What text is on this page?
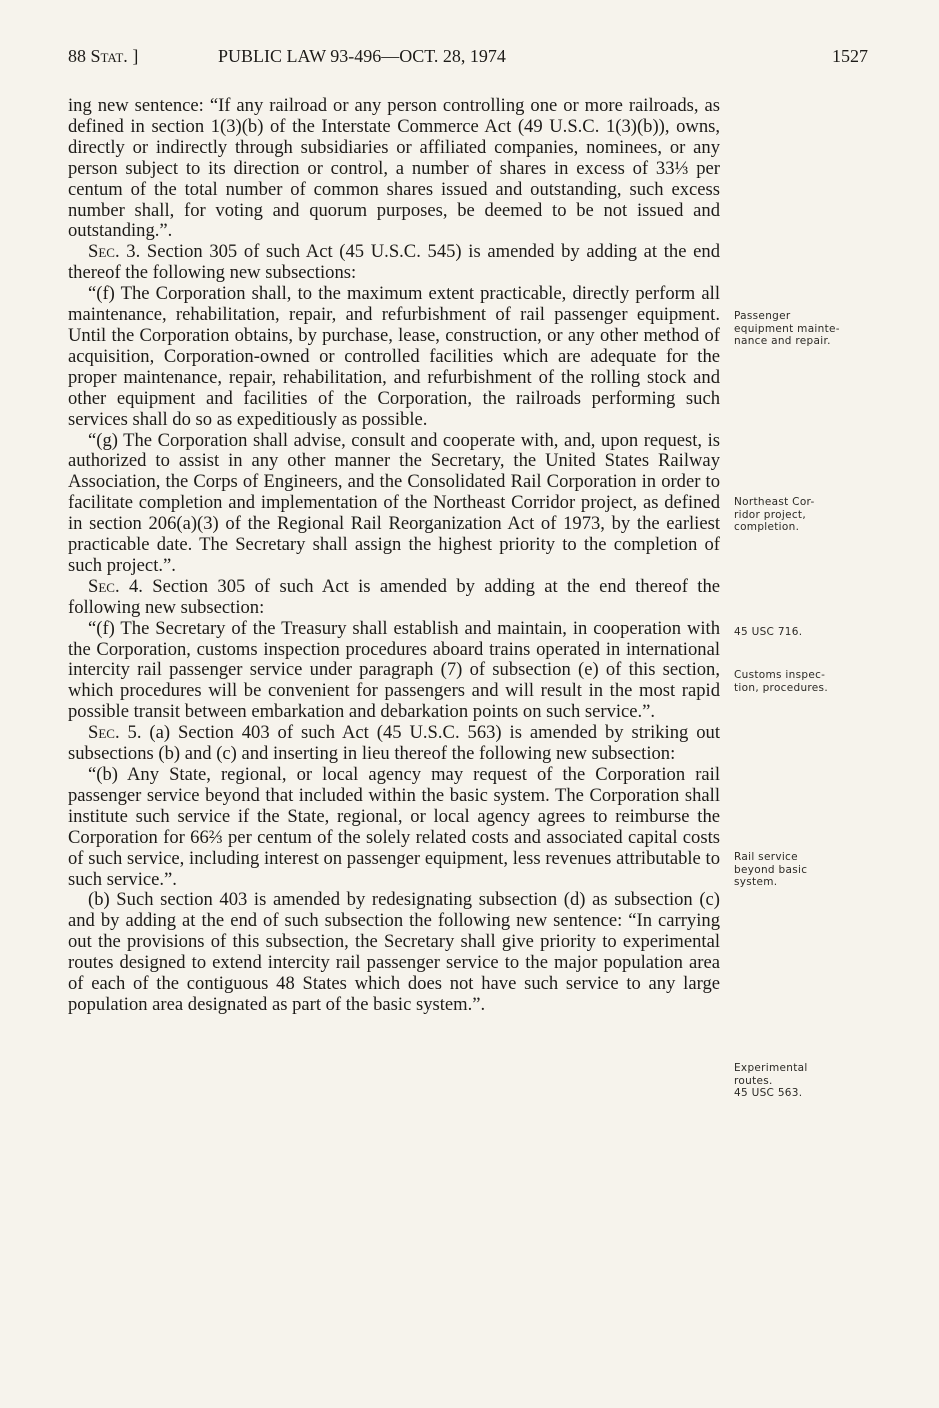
88 Stat. ]	PUBLIC LAW 93-496—OCT. 28, 1974	1527

ing new sentence: “If any railroad or any person controlling one or more railroads, as defined in section 1(3)(b) of the Interstate Commerce Act (49 U.S.C. 1(3)(b)), owns, directly or indirectly through subsidiaries or affiliated companies, nominees, or any person subject to its direction or control, a number of shares in excess of 33⅓ per centum of the total number of common shares issued and outstanding, such excess number shall, for voting and quorum purposes, be deemed to be not issued and outstanding.”.

Sec. 3. Section 305 of such Act (45 U.S.C. 545) is amended by adding at the end thereof the following new subsections:

“(f) The Corporation shall, to the maximum extent practicable, directly perform all maintenance, rehabilitation, repair, and refurbishment of rail passenger equipment. Until the Corporation obtains, by purchase, lease, construction, or any other method of acquisition, Corporation-owned or controlled facilities which are adequate for the proper maintenance, repair, rehabilitation, and refurbishment of the rolling stock and other equipment and facilities of the Corporation, the railroads performing such services shall do so as expeditiously as possible.

“(g) The Corporation shall advise, consult and cooperate with, and, upon request, is authorized to assist in any other manner the Secretary, the United States Railway Association, the Corps of Engineers, and the Consolidated Rail Corporation in order to facilitate completion and implementation of the Northeast Corridor project, as defined in section 206(a)(3) of the Regional Rail Reorganization Act of 1973, by the earliest practicable date. The Secretary shall assign the highest priority to the completion of such project.”.

Sec. 4. Section 305 of such Act is amended by adding at the end thereof the following new subsection:

“(f) The Secretary of the Treasury shall establish and maintain, in cooperation with the Corporation, customs inspection procedures aboard trains operated in international intercity rail passenger service under paragraph (7) of subsection (e) of this section, which procedures will be convenient for passengers and will result in the most rapid possible transit between embarkation and debarkation points on such service.”.

Sec. 5. (a) Section 403 of such Act (45 U.S.C. 563) is amended by striking out subsections (b) and (c) and inserting in lieu thereof the following new subsection:

“(b) Any State, regional, or local agency may request of the Corporation rail passenger service beyond that included within the basic system. The Corporation shall institute such service if the State, regional, or local agency agrees to reimburse the Corporation for 66⅔ per centum of the solely related costs and associated capital costs of such service, including interest on passenger equipment, less revenues attributable to such service.”.

(b) Such section 403 is amended by redesignating subsection (d) as subsection (c) and by adding at the end of such subsection the following new sentence: “In carrying out the provisions of this subsection, the Secretary shall give priority to experimental routes designed to extend intercity rail passenger service to the major population area of each of the contiguous 48 States which does not have such service to any large population area designated as part of the basic system.”.

Passenger
equipment mainte-
nance and repair.
Northeast Cor-
ridor project,
completion.
45 USC 716.
Customs inspec-
tion, procedures.
Rail service
beyond basic
system.
Experimental
routes.
45 USC 563.
